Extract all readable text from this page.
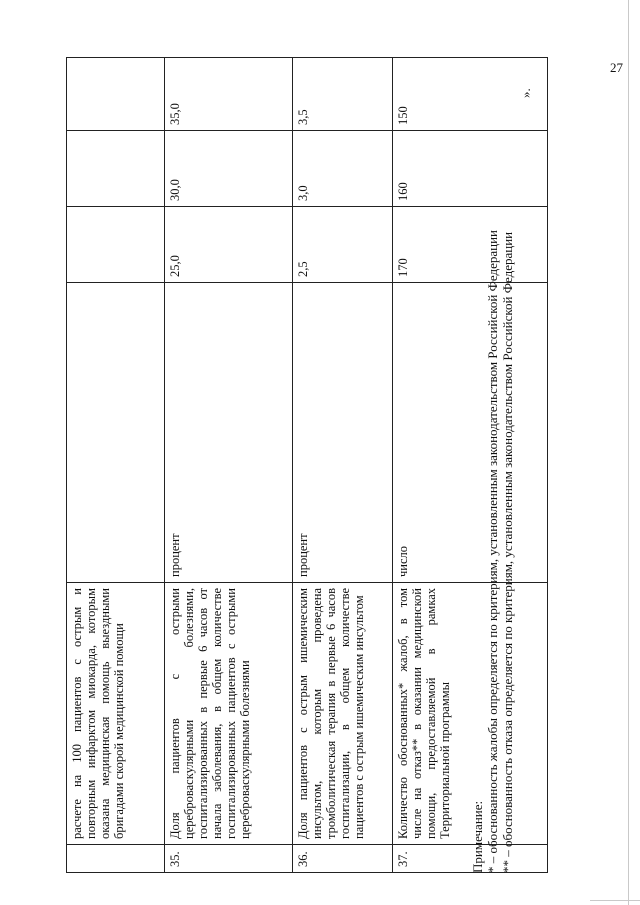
27
	расчете на 100 пациентов с острым и повторным инфарктом миокарда, которым оказана медицинская помощь выездными бригадами скорой медицинской помощи				
35.	Доля пациентов с острыми цереброваскулярными болезнями, госпитализированных в первые 6 часов от начала заболевания, в общем количестве госпитализированных пациентов с острыми цереброваскулярными болезнями	процент	25,0	30,0	35,0
36.	Доля пациентов с острым ишемическим инсультом, которым проведена тромболитическая терапия в первые 6 часов госпитализации, в общем количестве пациентов с острым ишемическим инсультом	процент	2,5	3,0	3,5
37.	Количество обоснованных* жалоб, в том числе на отказ** в оказании медицинской помощи, предоставляемой в рамках Территориальной программы	число	170	160	150

Примечание: * – обоснованность жалобы определяется по критериям, установленным законодательством Российской Федерации ** – обоснованность отказа определяется по критериям, установленным законодательством Российской Федерации

».
